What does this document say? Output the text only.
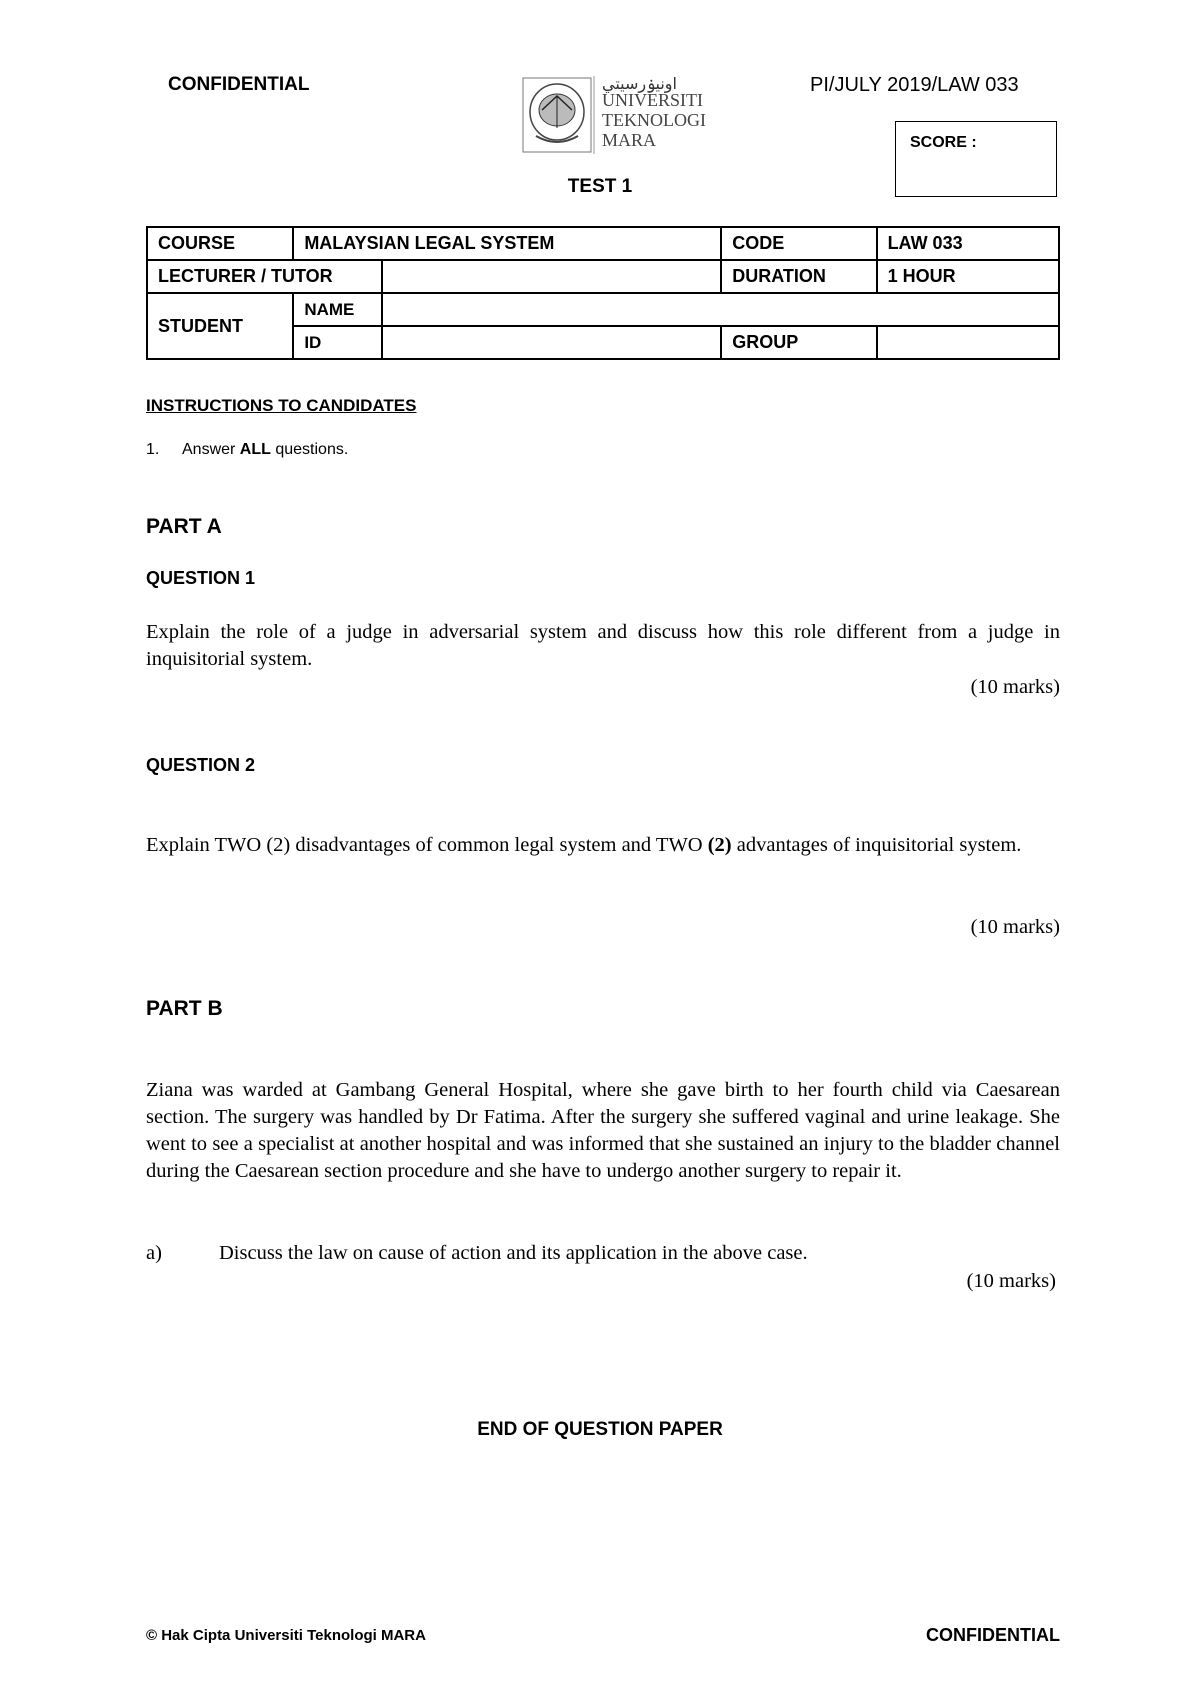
CONFIDENTIAL	اونيۏرسيتي
UNIVERSITI
TEKNOLOGI
MARA
PI/JULY 2019/LAW 033
SCORE :
TEST 1
COURSE	MALAYSIAN LEGAL SYSTEM		CODE	LAW 033
LECTURER / TUTOR			DURATION	1 HOUR
STUDENT	NAME			
	ID		GROUP	
INSTRUCTIONS TO CANDIDATES
1. Answer ALL questions.
PART A
QUESTION 1
Explain the role of a judge in adversarial system and discuss how this role different from a judge in inquisitorial system.
(10 marks)
QUESTION 2
Explain TWO (2) disadvantages of common legal system and TWO (2) advantages of inquisitorial system.
(10 marks)
PART B
Ziana was warded at Gambang General Hospital, where she gave birth to her fourth child via Caesarean section. The surgery was handled by Dr Fatima. After the surgery she suffered vaginal and urine leakage. She went to see a specialist at another hospital and was informed that she sustained an injury to the bladder channel during the Caesarean section procedure and she have to undergo another surgery to repair it.
a)	Discuss the law on cause of action and its application in the above case.
(10 marks)
END OF QUESTION PAPER
© Hak Cipta Universiti Teknologi MARA	CONFIDENTIAL
